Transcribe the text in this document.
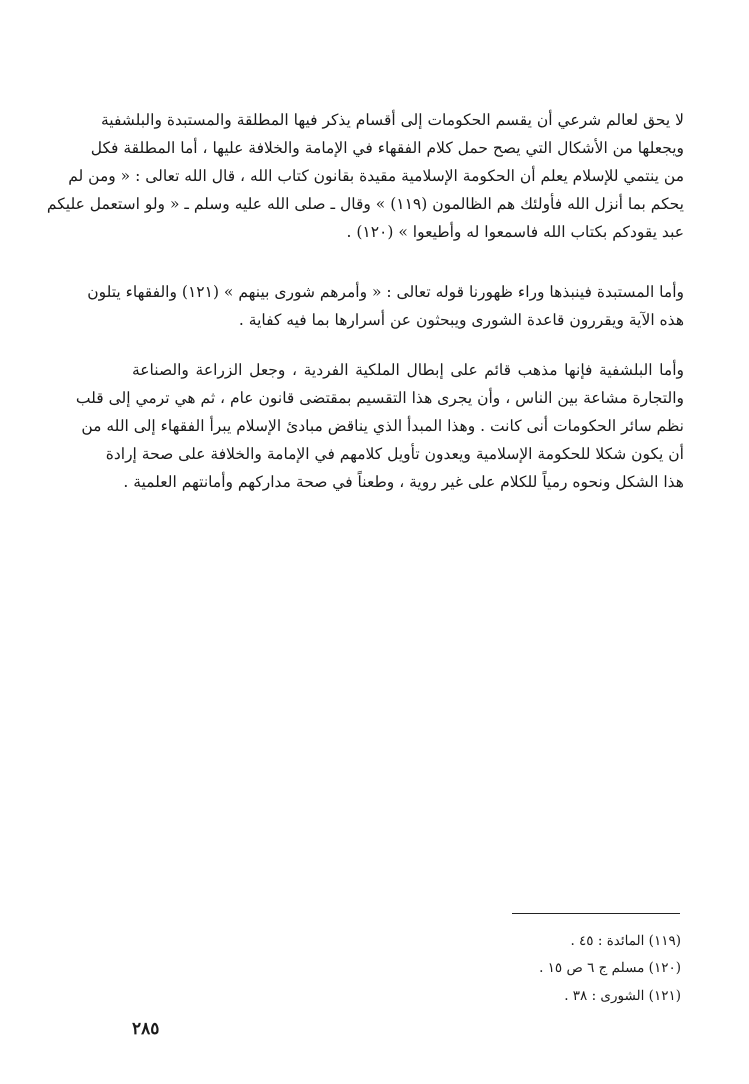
لا يحق لعالم شرعي أن يقسم الحكومات إلى أقسام يذكر فيها المطلقة والمستبدة والبلشفية
ويجعلها من الأشكال التي يصح حمل كلام الفقهاء في الإمامة والخلافة عليها ، أما المطلقة فكل
من ينتمي للإسلام يعلم أن الحكومة الإسلامية مقيدة بقانون كتاب الله ، قال الله تعالى : « ومن لم
يحكم بما أنزل الله فأولئك هم الظالمون (١١٩) » وقال ـ صلى الله عليه وسلم ـ « ولو استعمل عليكم
عبد يقودكم بكتاب الله فاسمعوا له وأطيعوا » (١٢٠) .
وأما المستبدة فينبذها وراء ظهورنا قوله تعالى : « وأمرهم شورى بينهم » (١٢١) والفقهاء يتلون
هذه الآية ويقررون قاعدة الشورى ويبحثون عن أسرارها بما فيه كفاية .
وأما البلشفية فإنها مذهب قائم على إبطال الملكية الفردية ، وجعل الزراعة والصناعة
والتجارة مشاعة بين الناس ، وأن يجرى هذا التقسيم بمقتضى قانون عام ، ثم هي ترمي إلى قلب
نظم سائر الحكومات أنى كانت . وهذا المبدأ الذي يناقض مبادئ الإسلام يبرأ الفقهاء إلى الله من
أن يكون شكلا للحكومة الإسلامية ويعدون تأويل كلامهم في الإمامة والخلافة على صحة إرادة
هذا الشكل ونحوه رمياً للكلام على غير روية ، وطعناً في صحة مداركهم وأمانتهم العلمية .
(١١٩) المائدة : ٤٥ .
(١٢٠) مسلم ج ٦ ص ١٥ .
(١٢١) الشورى : ٣٨ .
٢٨٥
